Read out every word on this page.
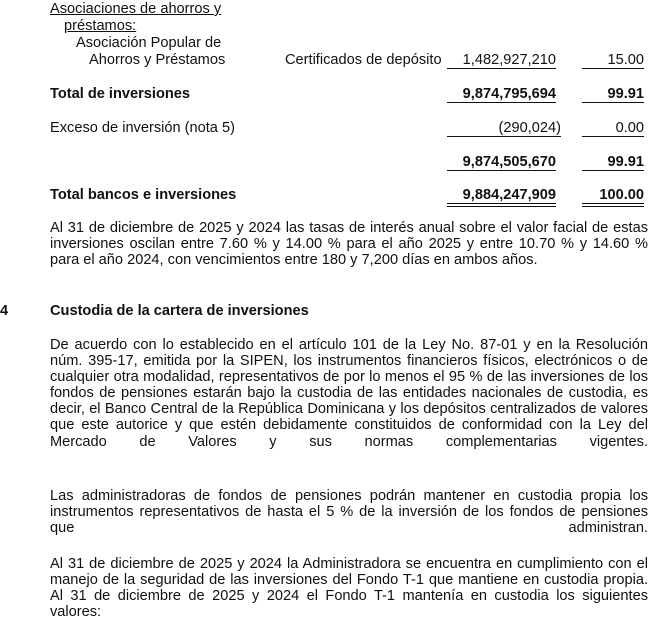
Asociaciones de ahorros y
préstamos:
Asociación Popular de
Ahorros y Préstamos	Certificados de depósito	1,482,927,210	15.00
Total de inversiones	9,874,795,694	99.91
Exceso de inversión (nota 5)	(290,024)	0.00
9,874,505,670	99.91
Total bancos e inversiones	9,884,247,909	100.00
Al 31 de diciembre de 2025 y 2024 las tasas de interés anual sobre el valor facial de estas inversiones oscilan entre 7.60 % y 14.00 % para el año 2025 y entre 10.70 % y 14.60 % para el año 2024, con vencimientos entre 180 y 7,200 días en ambos años.
4	Custodia de la cartera de inversiones
De acuerdo con lo establecido en el artículo 101 de la Ley No. 87-01 y en la Resolución núm. 395-17, emitida por la SIPEN, los instrumentos financieros físicos, electrónicos o de cualquier otra modalidad, representativos de por lo menos el 95 % de las inversiones de los fondos de pensiones estarán bajo la custodia de las entidades nacionales de custodia, es decir, el Banco Central de la República Dominicana y los depósitos centralizados de valores que este autorice y que estén debidamente constituidos de conformidad con la Ley del Mercado de Valores y sus normas complementarias vigentes.
Las administradoras de fondos de pensiones podrán mantener en custodia propia los instrumentos representativos de hasta el 5 % de la inversión de los fondos de pensiones que administran.
Al 31 de diciembre de 2025 y 2024 la Administradora se encuentra en cumplimiento con el manejo de la seguridad de las inversiones del Fondo T-1 que mantiene en custodia propia. Al 31 de diciembre de 2025 y 2024 el Fondo T-1 mantenía en custodia los siguientes valores:
